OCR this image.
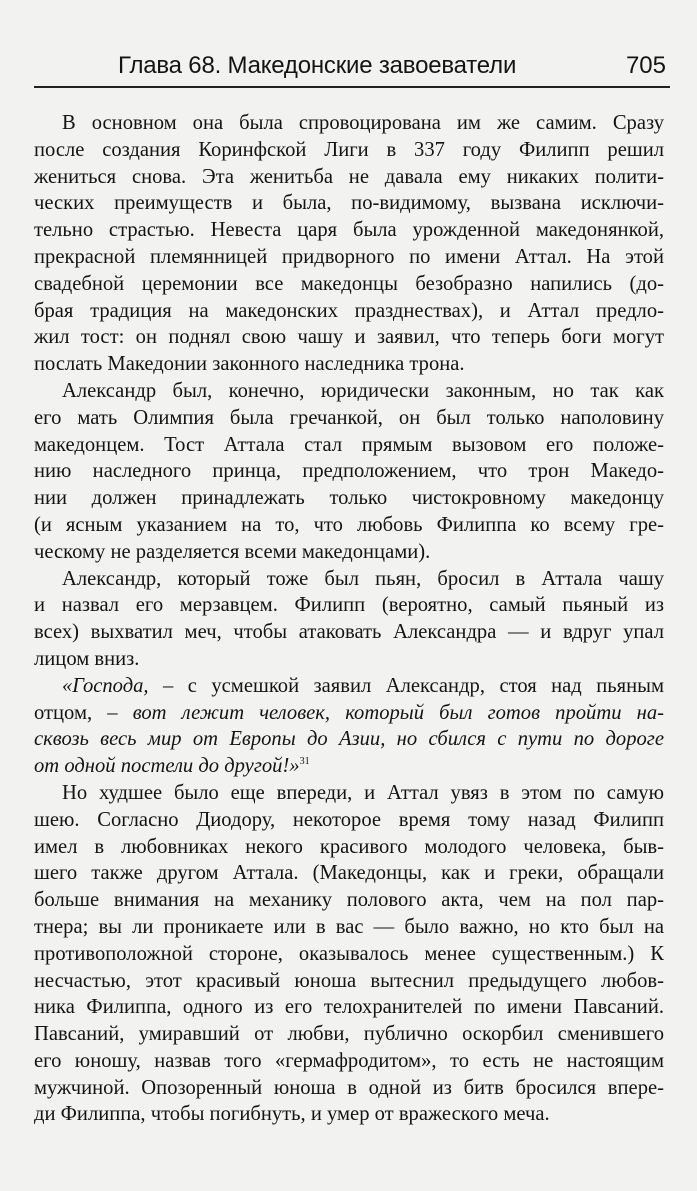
Глава 68. Македонские завоеватели	705
В основном она была спровоцирована им же самим. Сразу
после создания Коринфской Лиги в 337 году Филипп решил
жениться снова. Эта женитьба не давала ему никаких полити-
ческих преимуществ и была, по-видимому, вызвана исключи-
тельно страстью. Невеста царя была урожденной македонянкой,
прекрасной племянницей придворного по имени Аттал. На этой
свадебной церемонии все македонцы безобразно напились (до-
брая традиция на македонских празднествах), и Аттал предло-
жил тост: он поднял свою чашу и заявил, что теперь боги могут
послать Македонии законного наследника трона.
Александр был, конечно, юридически законным, но так как
его мать Олимпия была гречанкой, он был только наполовину
македонцем. Тост Аттала стал прямым вызовом его положе-
нию наследного принца, предположением, что трон Македо-
нии должен принадлежать только чистокровному македонцу
(и ясным указанием на то, что любовь Филиппа ко всему гре-
ческому не разделяется всеми македонцами).
Александр, который тоже был пьян, бросил в Аттала чашу
и назвал его мерзавцем. Филипп (вероятно, самый пьяный из
всех) выхватил меч, чтобы атаковать Александра — и вдруг упал
лицом вниз.
«Господа, – с усмешкой заявил Александр, стоя над пьяным
отцом, – вот лежит человек, который был готов пройти на-
сквозь весь мир от Европы до Азии, но сбился с пути по дороге
от одной постели до другой!»$^{31}$
Но худшее было еще впереди, и Аттал увяз в этом по самую
шею. Согласно Диодору, некоторое время тому назад Филипп
имел в любовниках некого красивого молодого человека, быв-
шего также другом Аттала. (Македонцы, как и греки, обращали
больше внимания на механику полового акта, чем на пол пар-
тнера; вы ли проникаете или в вас — было важно, но кто был на
противоположной стороне, оказывалось менее существенным.) К
несчастью, этот красивый юноша вытеснил предыдущего любов-
ника Филиппа, одного из его телохранителей по имени Павсаний.
Павсаний, умиравший от любви, публично оскорбил сменившего
его юношу, назвав того «гермафродитом», то есть не настоящим
мужчиной. Опозоренный юноша в одной из битв бросился впере-
ди Филиппа, чтобы погибнуть, и умер от вражеского меча.
